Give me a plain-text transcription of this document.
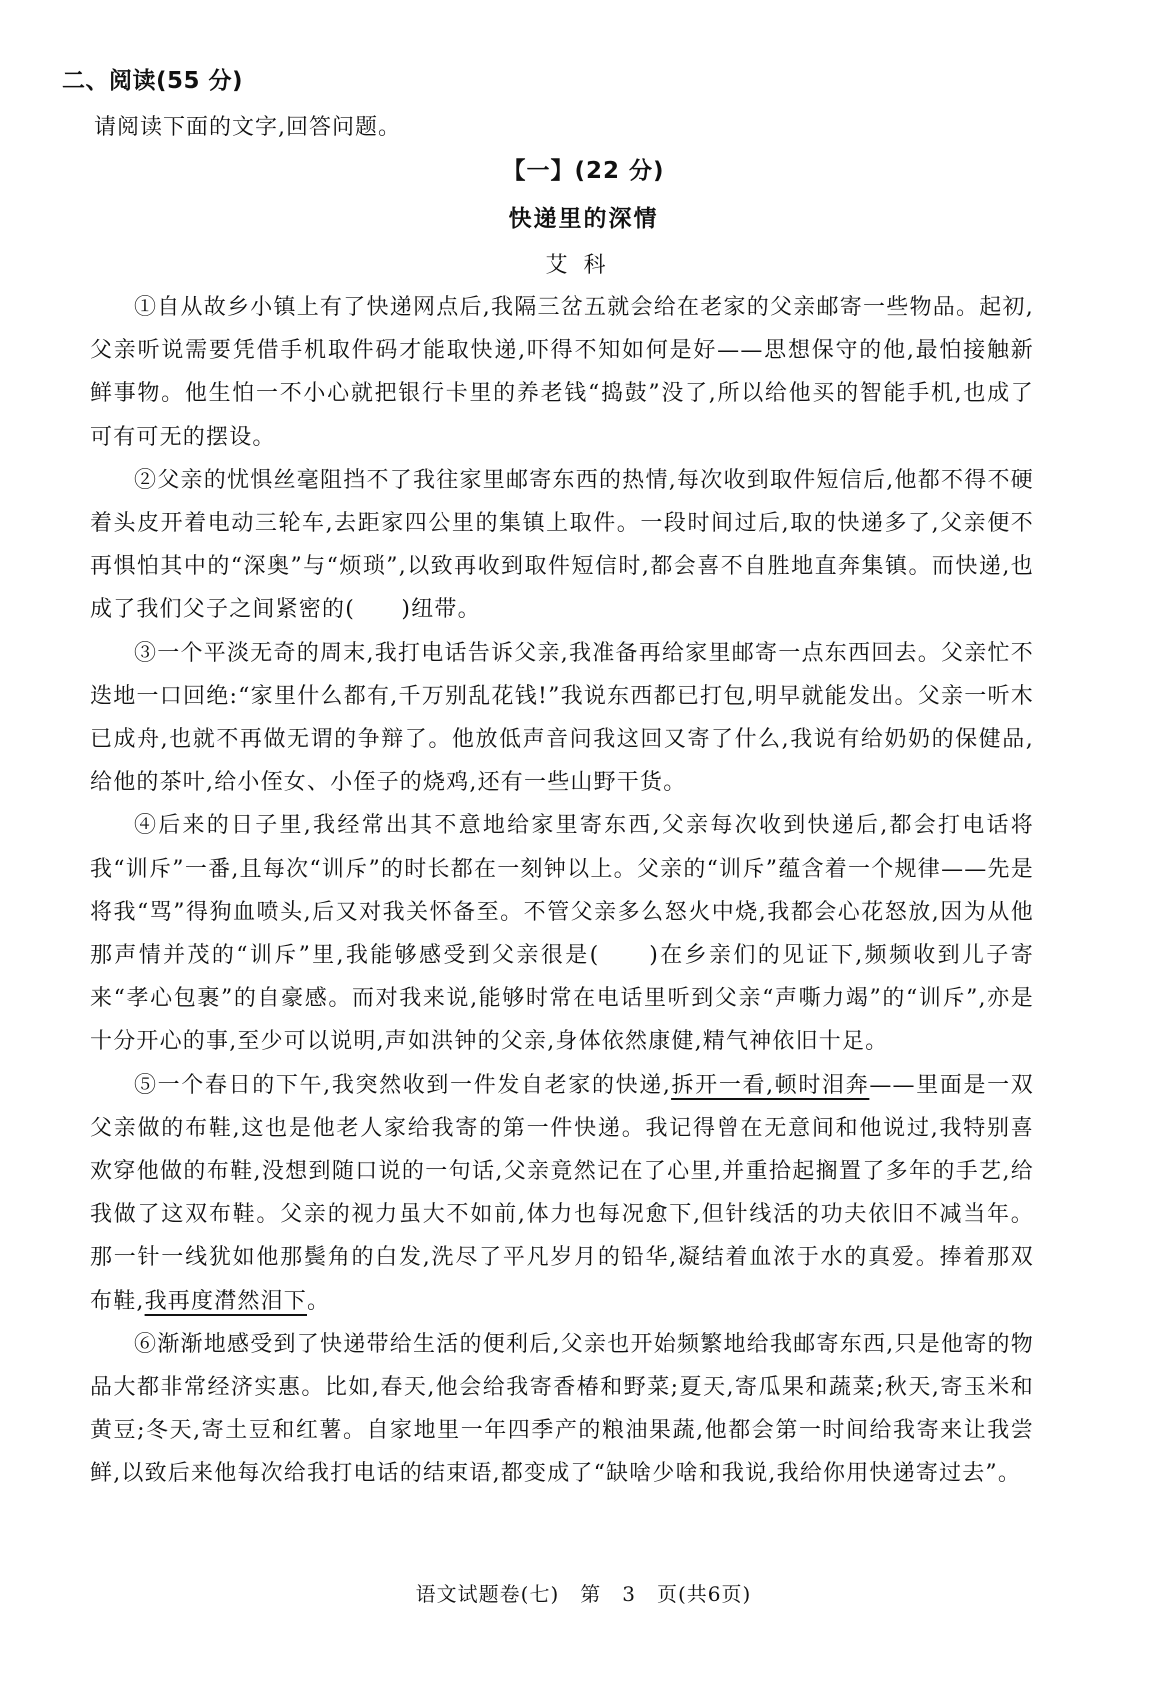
二、阅读(55 分)
请阅读下面的文字,回答问题。
【一】(22 分)
快递里的深情
艾科

①自从故乡小镇上有了快递网点后,我隔三岔五就会给在老家的父亲邮寄一些物品。起初,父亲听说需要凭借手机取件码才能取快递,吓得不知如何是好——思想保守的他,最怕接触新鲜事物。他生怕一不小心就把银行卡里的养老钱“捣鼓”没了,所以给他买的智能手机,也成了可有可无的摆设。

②父亲的忧惧丝毫阻挡不了我往家里邮寄东西的热情,每次收到取件短信后,他都不得不硬着头皮开着电动三轮车,去距家四公里的集镇上取件。一段时间过后,取的快递多了,父亲便不再惧怕其中的“深奥”与“烦琐”,以致再收到取件短信时,都会喜不自胜地直奔集镇。而快递,也成了我们父子之间紧密的(　　)纽带。

③一个平淡无奇的周末,我打电话告诉父亲,我准备再给家里邮寄一点东西回去。父亲忙不迭地一口回绝:“家里什么都有,千万别乱花钱!”我说东西都已打包,明早就能发出。父亲一听木已成舟,也就不再做无谓的争辩了。他放低声音问我这回又寄了什么,我说有给奶奶的保健品,给他的茶叶,给小侄女、小侄子的烧鸡,还有一些山野干货。

④后来的日子里,我经常出其不意地给家里寄东西,父亲每次收到快递后,都会打电话将我“训斥”一番,且每次“训斥”的时长都在一刻钟以上。父亲的“训斥”蕴含着一个规律——先是将我“骂”得狗血喷头,后又对我关怀备至。不管父亲多么怒火中烧,我都会心花怒放,因为从他那声情并茂的“训斥”里,我能够感受到父亲很是(　　)在乡亲们的见证下,频频收到儿子寄来“孝心包裹”的自豪感。而对我来说,能够时常在电话里听到父亲“声嘶力竭”的“训斥”,亦是十分开心的事,至少可以说明,声如洪钟的父亲,身体依然康健,精气神依旧十足。

⑤一个春日的下午,我突然收到一件发自老家的快递,拆开一看,顿时泪奔——里面是一双父亲做的布鞋,这也是他老人家给我寄的第一件快递。我记得曾在无意间和他说过,我特别喜欢穿他做的布鞋,没想到随口说的一句话,父亲竟然记在了心里,并重拾起搁置了多年的手艺,给我做了这双布鞋。父亲的视力虽大不如前,体力也每况愈下,但针线活的功夫依旧不减当年。那一针一线犹如他那鬓角的白发,洗尽了平凡岁月的铅华,凝结着血浓于水的真爱。捧着那双布鞋,我再度潸然泪下。

⑥渐渐地感受到了快递带给生活的便利后,父亲也开始频繁地给我邮寄东西,只是他寄的物品大都非常经济实惠。比如,春天,他会给我寄香椿和野菜;夏天,寄瓜果和蔬菜;秋天,寄玉米和黄豆;冬天,寄土豆和红薯。自家地里一年四季产的粮油果蔬,他都会第一时间给我寄来让我尝鲜,以致后来他每次给我打电话的结束语,都变成了“缺啥少啥和我说,我给你用快递寄过去”。

语文试题卷(七)　第　3　页(共6页)
